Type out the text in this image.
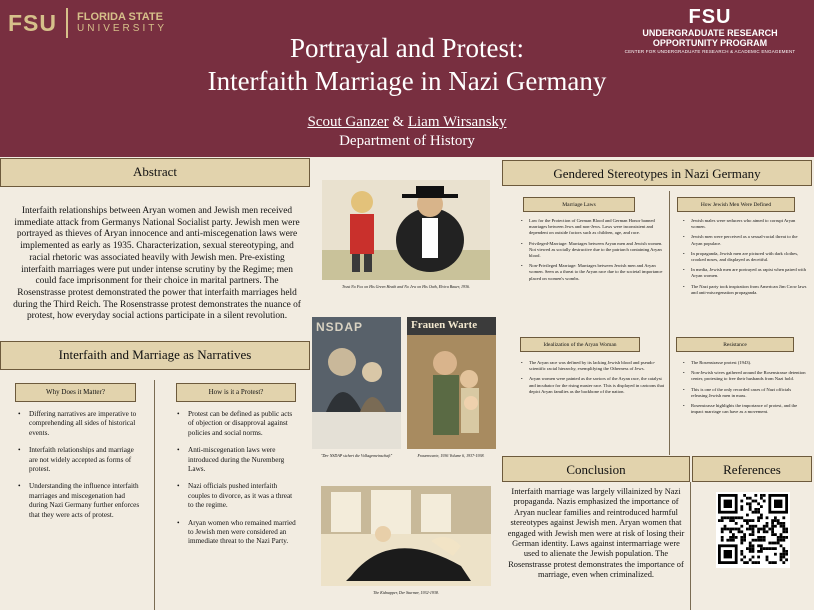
FSU FLORIDA STATE
UNIVERSITY
FSU
UNDERGRADUATE RESEARCH
OPPORTUNITY PROGRAM
CENTER FOR UNDERGRADUATE RESEARCH & ACADEMIC ENGAGEMENT
Portrayal and Protest:
Interfaith Marriage in Nazi Germany
Scout Ganzer & Liam Wirsansky
Department of History
Abstract
Interfaith relationships between Aryan women and Jewish men received immediate attack from Germanys National Socialist party. Jewish men were portrayed as thieves of Aryan innocence and anti-miscegenation laws were implemented as early as 1935. Characterization, sexual stereotyping, and racial rhetoric was associated heavily with Jewish men. Pre-existing interfaith marriages were put under intense scrutiny by the Regime; men could face imprisonment for their choice in marital partners. The Rosenstrasse protest demonstrated the power that interfaith marriages held during the Third Reich. The Rosenstrasse protest demonstrates the nuance of protest, how everyday social actions participate in a silent revolution.
Interfaith and Marriage as Narratives
Why Does it Matter?	How is it a Protest?
• Differing narratives are imperative to comprehending all sides of historical events.
• Interfaith relationships and marriage are not widely accepted as forms of protest.
• Understanding the influence interfaith marriages and miscegenation had during Nazi Germany further enforces that they were acts of protest.
• Protest can be defined as public acts of objection or disapproval against policies and social norms.
• Anti-miscegenation laws were introduced during the Nuremberg Laws.
• Nazi officials pushed interfaith couples to divorce, as it was a threat to the regime.
• Aryan women who remained married to Jewish men were considered an immediate threat to the Nazi Party.
Trust No Fox on His Green Heath and No Jew on His Oath, Elvira Bauer, 1936.
NSDAP	Frauen Warte
"Der NSDAP sichert die Volksgemeinschaft"	Frauenwarte, 1936 Volume 6, 1937-1938.
The Kidnapper, Der Sturmer, 1932-1938.
Gendered Stereotypes in Nazi Germany
Marriage Laws	How Jewish Men Were Defined
• Law for the Protection of German Blood and German Honor banned marriages between Jews and non-Jews. Laws were inconsistent and dependent on outside factors such as children, age, and race.
• Privileged-Marriage: Marriages between Aryan men and Jewish women. Not viewed as socially destructive due to the patriarch containing Aryan blood.
• Non-Privileged Marriage: Marriages between Jewish men and Aryan women. Seen as a threat to the Aryan race due to the societal importance placed on women's wombs.
• Jewish males were seducers who aimed to corrupt Aryan women.
• Jewish men were perceived as a sexual-racial threat to the Aryan populace.
• In propaganda, Jewish men are pictured with dark clothes, crooked noses, and displayed as deceitful.
• In media, Jewish men are portrayed as rapist when paired with Aryan women.
• The Nazi party took inspiration from American Jim Crow laws and anti-miscegenation propaganda.
Idealization of the Aryan Woman	Resistance
• The Aryan race was defined by its lacking Jewish blood and pseudo-scientific racial hierarchy, exemplifying the Otherness of Jews.
• Aryan women were painted as the saviors of the Aryan race, the catalyst and incubator for the rising master race. This is displayed in cartoons that depict Aryan families as the backbone of the nation.
• The Rosenstrasse protest (1943).
• Non-Jewish wives gathered around the Rosenstrasse detention center, protesting to free their husbands from Nazi hold.
• This is one of the only recorded cases of Nazi officials releasing Jewish men in mass.
• Rosenstrasse highlights the importance of protest, and the impact marriage can have as a movement.
Conclusion
Interfaith marriage was largely villainized by Nazi propaganda. Nazis emphasized the importance of Aryan nuclear families and reintroduced harmful stereotypes against Jewish men. Aryan women that engaged with Jewish men were at risk of losing their German identity. Laws against intermarriage were used to alienate the Jewish population. The Rosenstrasse protest demonstrates the importance of marriage, even when criminalized.
References
